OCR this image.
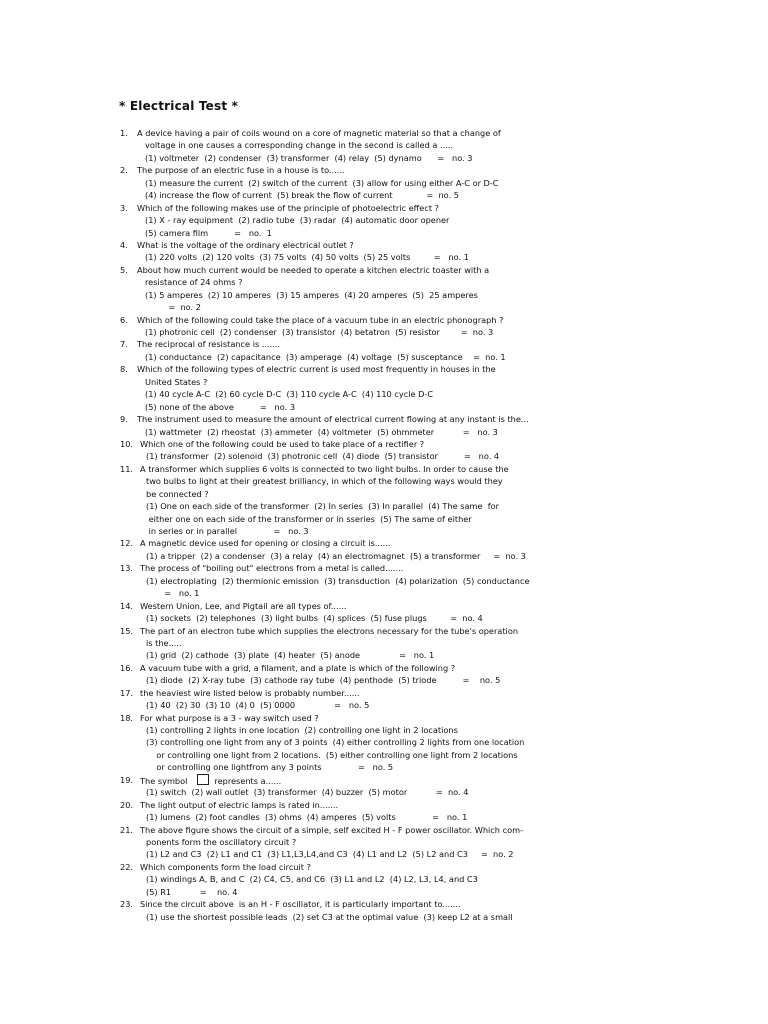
* Electrical Test *
1. A device having a pair of coils wound on a core of magnetic material so that a change of
voltage in one causes a corresponding change in the second is called a .....
(1) voltmeter  (2) condenser  (3) transformer  (4) relay  (5) dynamo      =   no. 3
2. The purpose of an electric fuse in a house is to......
(1) measure the current  (2) switch of the current  (3) allow for using either A-C or D-C
(4) increase the flow of current  (5) break the flow of current             =  no. 5
3. Which of the following makes use of the principle of photoelectric effect ?
(1) X - ray equipment  (2) radio tube  (3) radar  (4) automatic door opener
(5) camera film          =   no.  1
4. What is the voltage of the ordinary electrical outlet ?
(1) 220 volts  (2) 120 volts  (3) 75 volts  (4) 50 volts  (5) 25 volts         =   no. 1
5. About how much current would be needed to operate a kitchen electric toaster with a
resistance of 24 ohms ?
(1) 5 amperes  (2) 10 amperes  (3) 15 amperes  (4) 20 amperes  (5)  25 amperes
=  no. 2
6. Which of the following could take the place of a vacuum tube in an electric phonograph ?
(1) photronic cell  (2) condenser  (3) transistor  (4) betatron  (5) resistor        =  no. 3
7. The reciprocal of resistance is .......
(1) conductance  (2) capacitance  (3) amperage  (4) voltage  (5) susceptance    =  no. 1
8. Which of the following types of electric current is used most frequently in houses in the
United States ?
(1) 40 cycle A-C  (2) 60 cycle D-C  (3) 110 cycle A-C  (4) 110 cycle D-C
(5) none of the above          =   no. 3
9. The instrument used to measure the amount of electrical current flowing at any instant is the...
(1) wattmeter  (2) rheostat  (3) ammeter  (4) voltmeter  (5) ohmmeter           =   no. 3
10. Which one of the following could be used to take place of a rectifier ?
(1) transformer  (2) solenoid  (3) photronic cell  (4) diode  (5) transistor          =   no. 4
11. A transformer which supplies 6 volts is connected to two light bulbs. In order to cause the
two bulbs to light at their greatest brilliancy, in which of the following ways would they
be connected ?
(1) One on each side of the transformer  (2) In series  (3) In parallel  (4) The same  for
either one on each side of the transformer or in sseries  (5) The same of either
in series or in parallel              =   no. 3
12. A magnetic device used for opening or closing a circuit is......
(1) a tripper  (2) a condenser  (3) a relay  (4) an electromagnet  (5) a transformer     =  no. 3
13. The process of "boiling out" electrons from a metal is called.......
(1) electroplating  (2) thermionic emission  (3) transduction  (4) polarization  (5) conductance
=   no. 1
14. Western Union, Lee, and Pigtail are all types of......
(1) sockets  (2) telephones  (3) light bulbs  (4) splices  (5) fuse plugs         =  no. 4
15. The part of an electron tube which supplies the electrons necessary for the tube's operation
is the.....
(1) grid  (2) cathode  (3) plate  (4) heater  (5) anode               =   no. 1
16. A vacuum tube with a grid, a filament, and a plate is which of the following ?
(1) diode  (2) X-ray tube  (3) cathode ray tube  (4) penthode  (5) triode          =    no. 5
17. the heaviest wire listed below is probably number......
(1) 40  (2) 30  (3) 10  (4) 0  (5) 0000               =   no. 5
18. For what purpose is a 3 - way switch used ?
(1) controlling 2 lights in one location  (2) controlling one light in 2 locations
(3) controlling one light from any of 3 points  (4) either controlling 2 lights from one location
or controlling one light from 2 locations.  (5) either controlling one light from 2 locations
or controlling one lightfrom any 3 points              =   no. 5
19. The symbol	represents a......
(1) switch  (2) wall outlet  (3) transformer  (4) buzzer  (5) motor           =  no. 4
20. The light output of electric lamps is rated in.......
(1) lumens  (2) foot candles  (3) ohms  (4) amperes  (5) volts              =   no. 1
21. The above figure shows the circuit of a simple, self excited H - F power oscillator. Which com-
ponents form the oscillatory circuit ?
(1) L2 and C3  (2) L1 and C1  (3) L1,L3,L4,and C3  (4) L1 and L2  (5) L2 and C3     =  no. 2
22. Which components form the load circuit ?
(1) windings A, B, and C  (2) C4, C5, and C6  (3) L1 and L2  (4) L2, L3, L4, and C3
(5) R1           =    no. 4
23. Since the circuit above  is an H - F oscillator, it is particularly important to.......
(1) use the shortest possible leads  (2) set C3 at the optimal value  (3) keep L2 at a small
